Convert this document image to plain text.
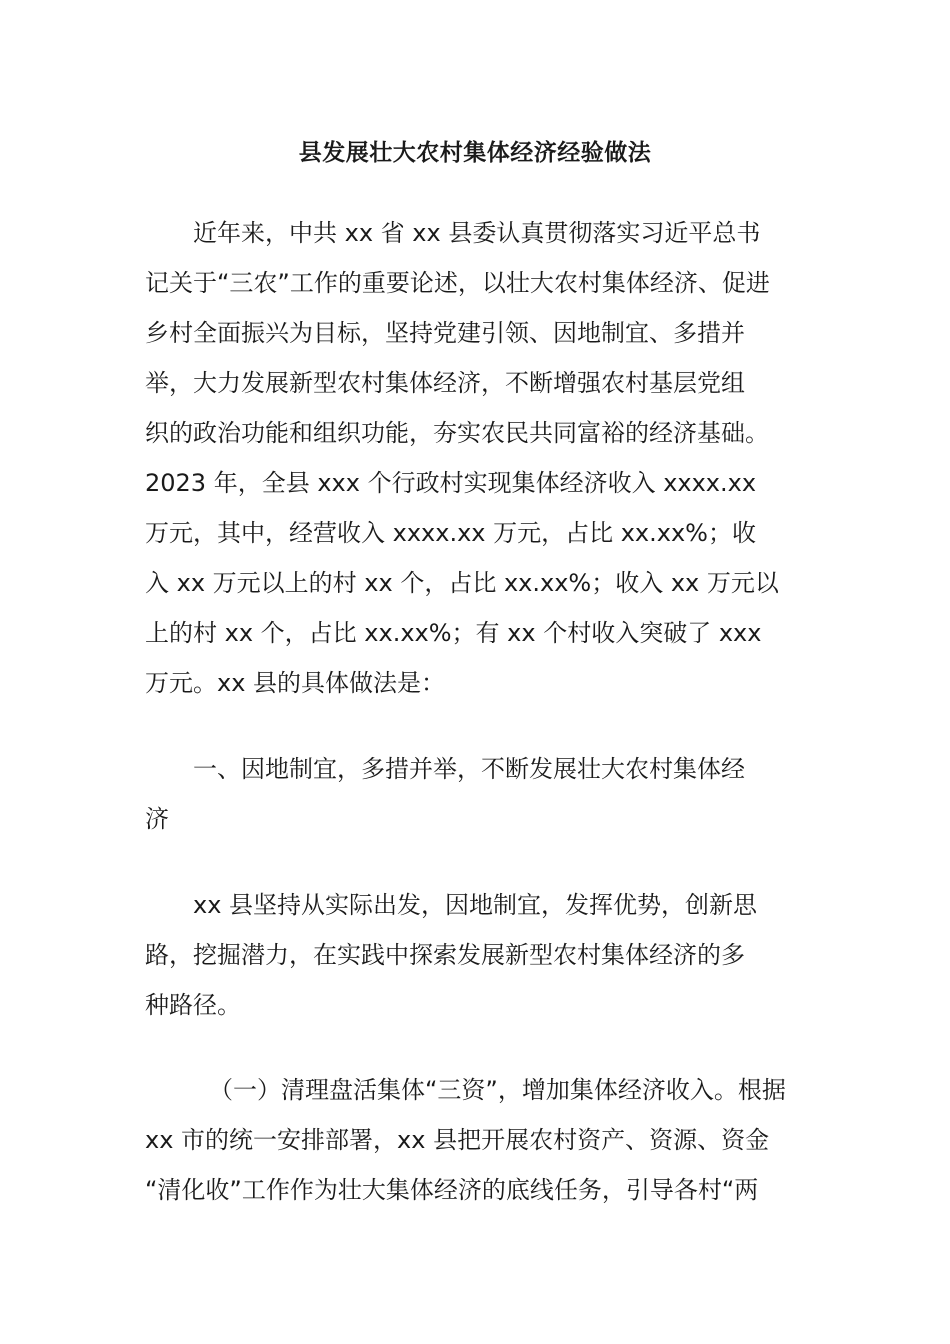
县发展壮大农村集体经济经验做法

近年来，中共 xx 省 xx 县委认真贯彻落实习近平总书
记关于“三农”工作的重要论述，以壮大农村集体经济、促进
乡村全面振兴为目标，坚持党建引领、因地制宜、多措并
举，大力发展新型农村集体经济，不断增强农村基层党组
织的政治功能和组织功能，夯实农民共同富裕的经济基础。
2023 年，全县 xxx 个行政村实现集体经济收入 xxxx.xx
万元，其中，经营收入 xxxx.xx 万元，占比 xx.xx%；收
入 xx 万元以上的村 xx 个，占比 xx.xx%；收入 xx 万元以
上的村 xx 个，占比 xx.xx%；有 xx 个村收入突破了 xxx
万元。xx 县的具体做法是：

一、因地制宜，多措并举，不断发展壮大农村集体经
济

xx 县坚持从实际出发，因地制宜，发挥优势，创新思
路，挖掘潜力，在实践中探索发展新型农村集体经济的多
种路径。

（一）清理盘活集体“三资”，增加集体经济收入。根据
xx 市的统一安排部署，xx 县把开展农村资产、资源、资金
“清化收”工作作为壮大集体经济的底线任务，引导各村“两
